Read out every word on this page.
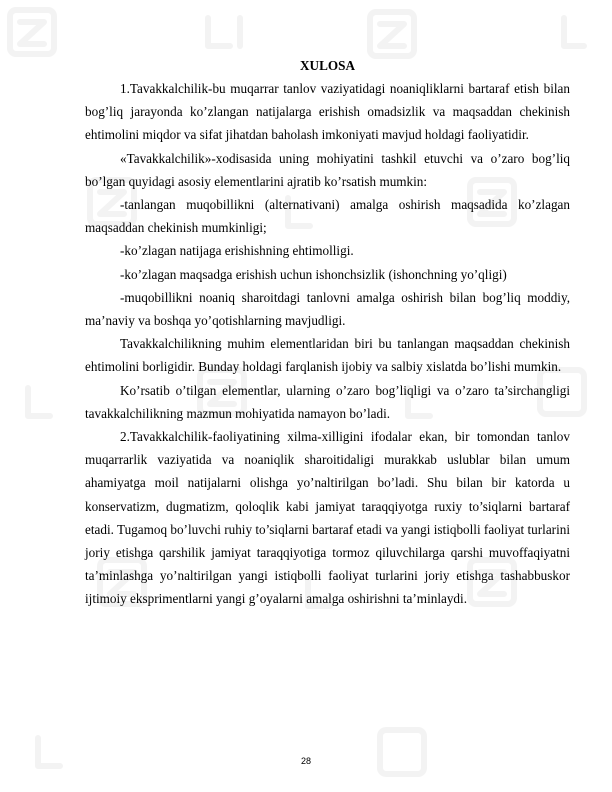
XULOSA

1.Tavakkalchilik-bu muqarrar tanlov vaziyatidagi noaniqliklarni bartaraf etish bilan bog’liq jarayonda ko’zlangan natijalarga erishish omadsizlik va maqsaddan chekinish ehtimolini miqdor va sifat jihatdan baholash imkoniyati mavjud holdagi faoliyatidir.

«Tavakkalchilik»-xodisasida uning mohiyatini tashkil etuvchi va o’zaro bog’liq bo’lgan quyidagi asosiy elementlarini ajratib ko’rsatish mumkin:

-tanlangan muqobillikni (alternativani) amalga oshirish maqsadida ko’zlagan maqsaddan chekinish mumkinligi;

-ko’zlagan natijaga erishishning ehtimolligi.

-ko’zlagan maqsadga erishish uchun ishonchsizlik (ishonchning yo’qligi)

-muqobillikni noaniq sharoitdagi tanlovni amalga oshirish bilan bog’liq moddiy, ma’naviy va boshqa yo’qotishlarning mavjudligi.

Tavakkalchilikning muhim elementlaridan biri bu tanlangan maqsaddan chekinish ehtimolini borligidir. Bunday holdagi farqlanish ijobiy va salbiy xislatda bo’lishi mumkin.

Ko’rsatib o’tilgan elementlar, ularning o’zaro bog’liqligi va o’zaro ta’sirchangligi tavakkalchilikning mazmun mohiyatida namayon bo’ladi.

2.Tavakkalchilik-faoliyatining xilma-xilligini ifodalar ekan, bir tomondan tanlov muqarrarlik vaziyatida va noaniqlik sharoitidaligi murakkab uslublar bilan umum ahamiyatga moil natijalarni olishga yo’naltirilgan bo’ladi. Shu bilan bir katorda u konservatizm, dugmatizm, qoloqlik kabi jamiyat taraqqiyotga ruxiy to’siqlarni bartaraf etadi. Tugamoq bo’luvchi ruhiy to’siqlarni bartaraf etadi va yangi istiqbolli faoliyat turlarini joriy etishga qarshilik jamiyat taraqqiyotiga tormoz qiluvchilarga qarshi muvoffaqiyatni ta’minlashga yo’naltirilgan yangi istiqbolli faoliyat turlarini joriy etishga tashabbuskor ijtimoiy eksprimentlarni yangi g’oyalarni amalga oshirishni ta’minlaydi.

28
